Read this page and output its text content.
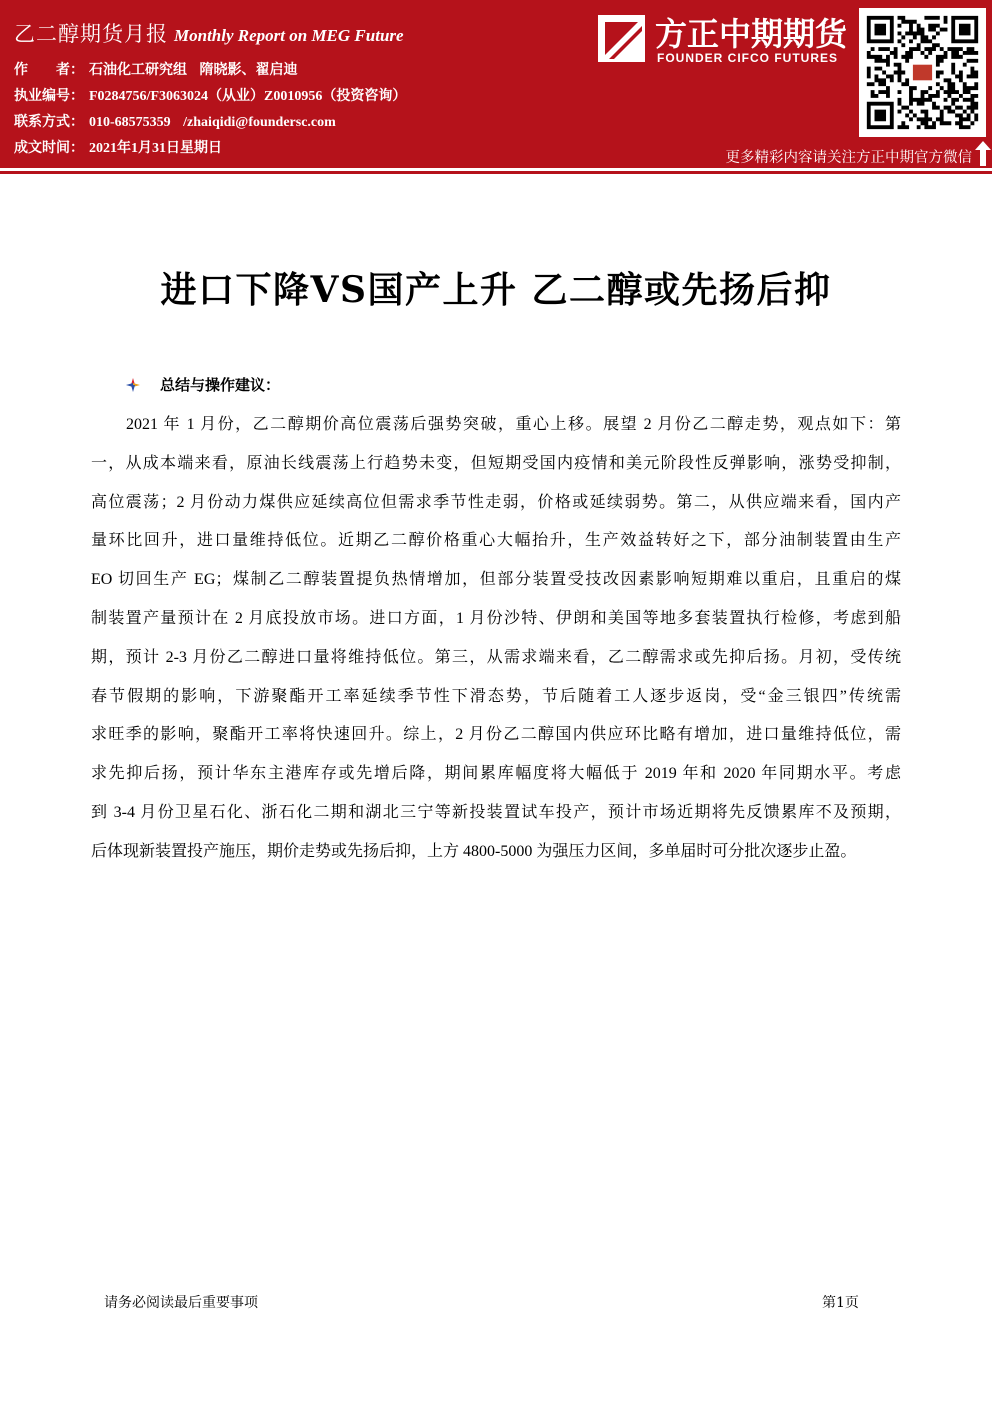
乙二醇期货月报 Monthly Report on MEG Future
作　　者： 石油化工研究组 隋晓影、翟启迪
执业编号： F0284756/F3063024（从业）Z0010956（投资咨询）
联系方式： 010-68575359 /zhaiqidi@foundersc.com
成文时间： 2021年1月31日星期日
方正中期期货
FOUNDER CIFCO FUTURES
更多精彩内容请关注方正中期官方微信
进口下降VS国产上升 乙二醇或先扬后抑
总结与操作建议：
2021 年 1 月份，乙二醇期价高位震荡后强势突破，重心上移。展望 2 月份乙二醇走势，观点如下：第
一，从成本端来看，原油长线震荡上行趋势未变，但短期受国内疫情和美元阶段性反弹影响，涨势受抑制，
高位震荡；2 月份动力煤供应延续高位但需求季节性走弱，价格或延续弱势。第二，从供应端来看，国内产
量环比回升，进口量维持低位。近期乙二醇价格重心大幅抬升，生产效益转好之下，部分油制装置由生产
EO 切回生产 EG；煤制乙二醇装置提负热情增加，但部分装置受技改因素影响短期难以重启，且重启的煤
制装置产量预计在 2 月底投放市场。进口方面，1 月份沙特、伊朗和美国等地多套装置执行检修，考虑到船
期，预计 2-3 月份乙二醇进口量将维持低位。第三，从需求端来看，乙二醇需求或先抑后扬。月初，受传统
春节假期的影响，下游聚酯开工率延续季节性下滑态势，节后随着工人逐步返岗，受“金三银四”传统需
求旺季的影响，聚酯开工率将快速回升。综上，2 月份乙二醇国内供应环比略有增加，进口量维持低位，需
求先抑后扬，预计华东主港库存或先增后降，期间累库幅度将大幅低于 2019 年和 2020 年同期水平。考虑
到 3-4 月份卫星石化、浙石化二期和湖北三宁等新投装置试车投产，预计市场近期将先反馈累库不及预期，
后体现新装置投产施压，期价走势或先扬后抑，上方 4800-5000 为强压力区间，多单届时可分批次逐步止盈。
请务必阅读最后重要事项	第1页
